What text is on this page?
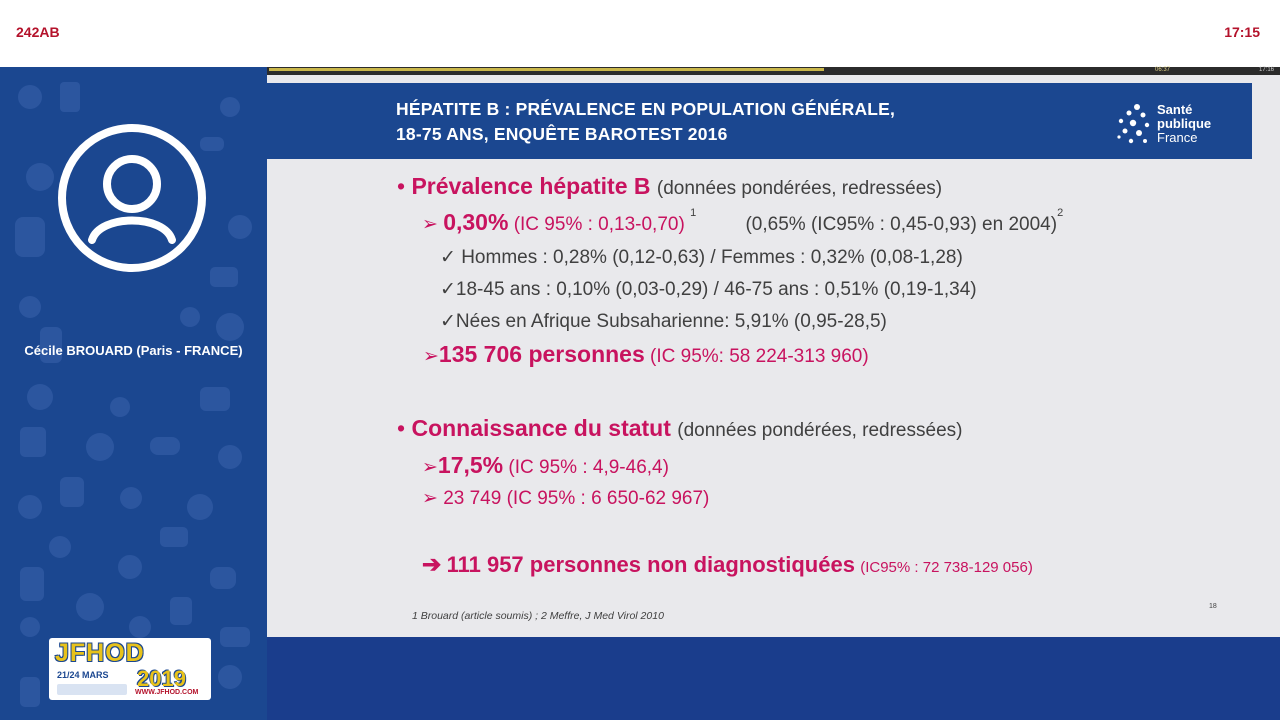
242AB	17:15
Cécile BROUARD (Paris - FRANCE)
JFHOD
21/24 MARS 2019
WWW.JFHOD.COM
06:37	17:16
HÉPATITE B : PRÉVALENCE EN POPULATION GÉNÉRALE,
18-75 ANS, ENQUÊTE BAROTEST 2016
Santé
publique
France
• Prévalence hépatite B (données pondérées, redressées)
➢ 0,30% (IC 95% : 0,13-0,70) $^1$ (0,65% (IC95% : 0,45-0,93) en 2004)$^2$
✓ Hommes : 0,28% (0,12-0,63) / Femmes : 0,32% (0,08-1,28)
✓18-45 ans : 0,10% (0,03-0,29) / 46-75 ans : 0,51% (0,19-1,34)
✓Nées en Afrique Subsaharienne: 5,91% (0,95-28,5)
➢135 706 personnes (IC 95%: 58 224-313 960)
• Connaissance du statut (données pondérées, redressées)
➢17,5% (IC 95% : 4,9-46,4)
➢ 23 749 (IC 95% : 6 650-62 967)
➔ 111 957 personnes non diagnostiquées (IC95% : 72 738-129 056)
1 Brouard (article soumis) ; 2 Meffre, J Med Virol 2010
18
